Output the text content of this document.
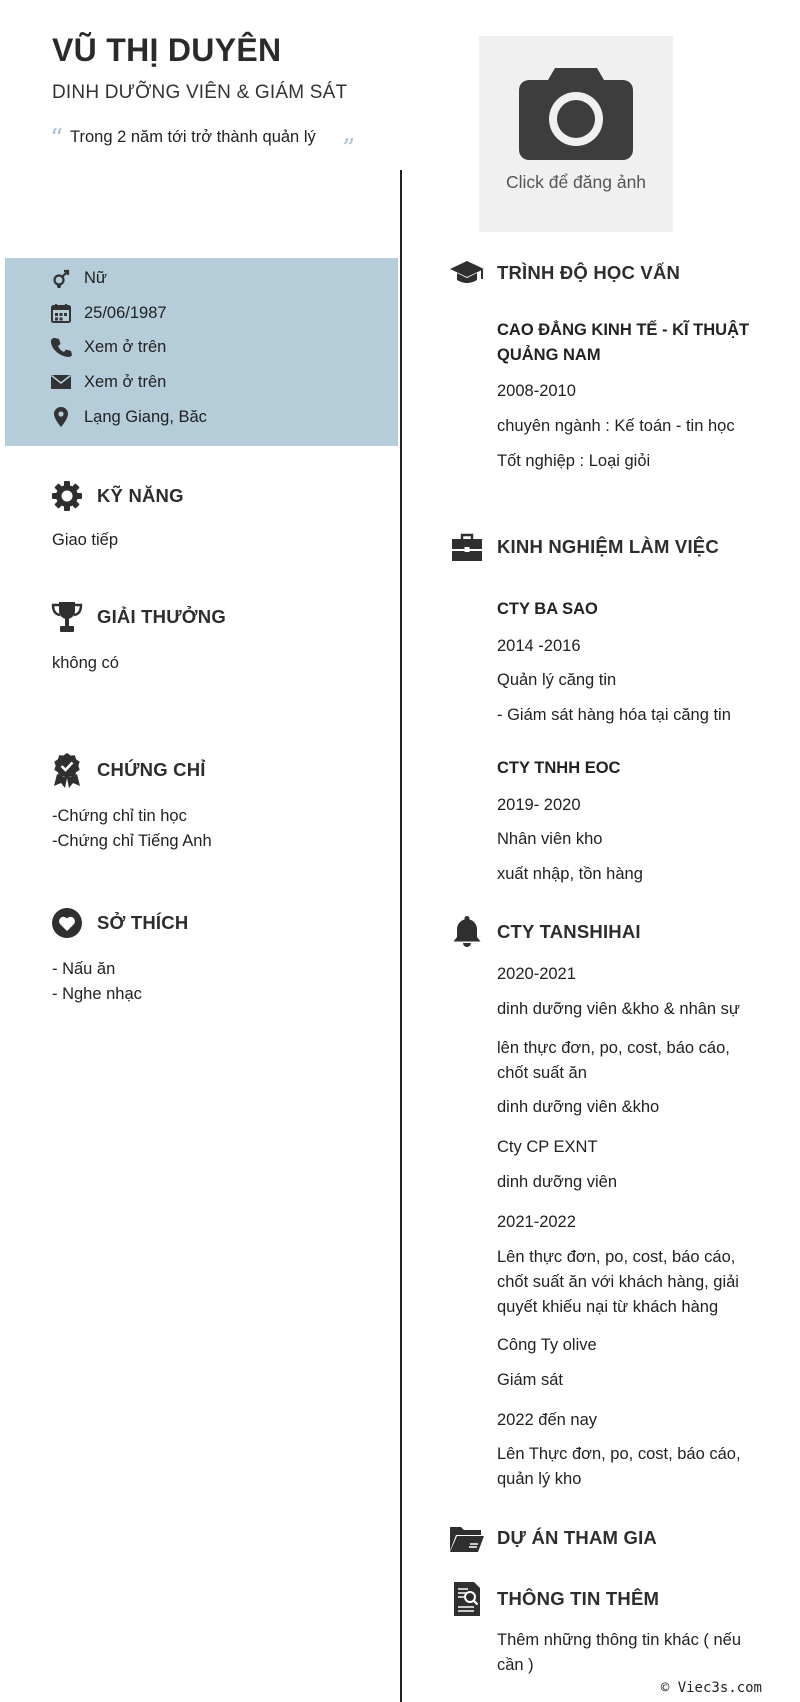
VŨ THỊ DUYÊN
DINH DƯỠNG VIÊN & GIÁM SÁT
“ Trong 2 năm tới trở thành quản lý ”
Click để đăng ảnh
Nữ
25/06/1987
Xem ở trên
Xem ở trên
Lạng Giang, Băc
KỸ NĂNG
Giao tiếp
GIẢI THƯỞNG
không có
CHỨNG CHỈ
-Chứng chỉ tin học
-Chứng chỉ Tiếng Anh
SỞ THÍCH
- Nấu ăn
- Nghe nhạc
TRÌNH ĐỘ HỌC VẤN
CAO ĐẲNG KINH TẾ - KĨ THUẬT QUẢNG NAM
2008-2010
chuyên ngành : Kế toán - tin học
Tốt nghiệp : Loại giỏi
KINH NGHIỆM LÀM VIỆC
CTY BA SAO
2014 -2016
Quản lý căng tin
- Giám sát hàng hóa tại căng tin
CTY TNHH EOC
2019- 2020
Nhân viên kho
xuất nhập, tồn hàng
CTY TANSHIHAI
2020-2021
dinh dưỡng viên &kho & nhân sự
lên thực đơn, po, cost, báo cáo, chốt suất ăn
dinh dưỡng viên &kho
Cty CP EXNT
dinh dưỡng viên
2021-2022
Lên thực đơn, po, cost, báo cáo, chốt suất ăn với khách hàng, giải quyết khiếu nại từ khách hàng
Công Ty olive
Giám sát
2022 đến nay
Lên Thực đơn, po, cost, báo cáo, quản lý kho
DỰ ÁN THAM GIA
THÔNG TIN THÊM
Thêm những thông tin khác ( nếu cần )
© Viec3s.com
